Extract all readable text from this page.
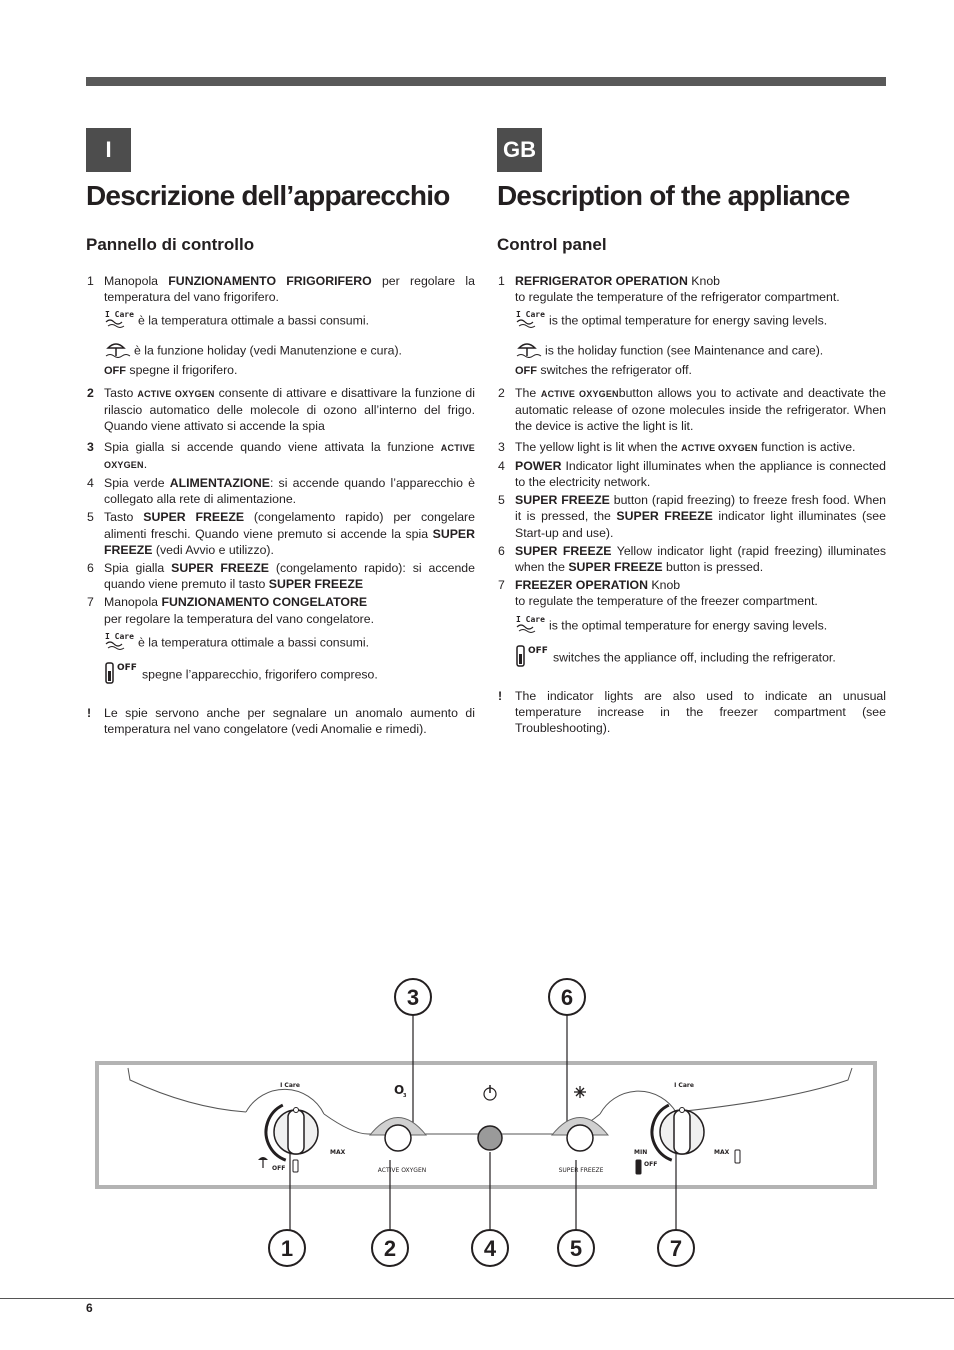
I
Descrizione dell’apparecchio
Pannello di controllo
1 Manopola FUNZIONAMENTO FRIGORIFERO per regolare la temperatura del vano frigorifero.
I Care è la temperatura ottimale a bassi consumi.
è la funzione holiday (vedi Manutenzione e cura).
OFF spegne il frigorifero.
2 Tasto ACTIVE OXYGEN consente di attivare e disattivare la funzione di rilascio automatico delle molecole di ozono all’interno del frigo. Quando viene attivato si accende la spia
3 Spia gialla si accende quando viene attivata la funzione ACTIVE OXYGEN.
4 Spia verde ALIMENTAZIONE: si accende quando l’apparecchio è collegato alla rete di alimentazione.
5 Tasto SUPER FREEZE (congelamento rapido) per congelare alimenti freschi. Quando viene premuto si accende la spia SUPER FREEZE (vedi Avvio e utilizzo).
6 Spia gialla SUPER FREEZE (congelamento rapido): si accende quando viene premuto il tasto SUPER FREEZE
7 Manopola FUNZIONAMENTO CONGELATORE
per regolare la temperatura del vano congelatore.
I Care è la temperatura ottimale a bassi consumi.
OFF spegne l’apparecchio, frigorifero compreso.
! Le spie servono anche per segnalare un anomalo aumento di temperatura nel vano congelatore (vedi Anomalie e rimedi).
GB
Description of the appliance
Control panel
1 REFRIGERATOR OPERATION Knob
to regulate the temperature of the refrigerator compartment.
I Care is the optimal temperature for energy saving levels.
is the holiday function (see Maintenance and care).
OFF switches the refrigerator off.
2 The ACTIVE OXYGENbutton allows you to activate and deactivate the automatic release of ozone molecules inside the refrigerator. When the device is active the light is lit.
3 The yellow light is lit when the ACTIVE OXYGEN function is active.
4 POWER Indicator light illuminates when the appliance is connected to the electricity network.
5 SUPER FREEZE button (rapid freezing) to freeze fresh food. When it is pressed, the SUPER FREEZE indicator light illuminates (see Start-up and use).
6 SUPER FREEZE Yellow indicator light (rapid freezing) illuminates when the SUPER FREEZE button is pressed.
7 FREEZER OPERATION Knob
to regulate the temperature of the freezer compartment.
I Care is the optimal temperature for energy saving levels.
OFF switches the appliance off, including the refrigerator.
! The indicator lights are also used to indicate an unusual temperature increase in the freezer compartment (see Troubleshooting).
I Care
MAX
OFF
O
3
ACTIVE OXYGEN	SUPER FREEZE
I Care
MIN	MAX
OFF
3	6
1	2	4	5	7
6
